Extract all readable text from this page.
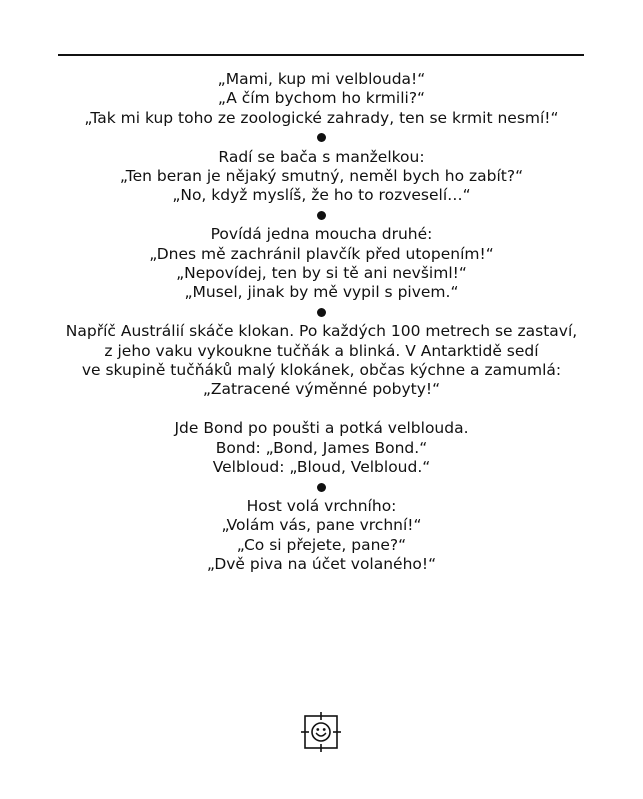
„Mami, kup mi velblouda!“
„A čím bychom ho krmili?“
„Tak mi kup toho ze zoologické zahrady, ten se krmit nesmí!“
Radí se bača s manželkou:
„Ten beran je nějaký smutný, neměl bych ho zabít?“
„No, když myslíš, že ho to rozveselí…“
Povídá jedna moucha druhé:
„Dnes mě zachránil plavčík před utopením!“
„Nepovídej, ten by si tě ani nevšiml!“
„Musel, jinak by mě vypil s pivem.“
Napříč Austrálií skáče klokan. Po každých 100 metrech se zastaví,
z jeho vaku vykoukne tučňák a blinká. V Antarktidě sedí
ve skupině tučňáků malý klokánek, občas kýchne a zamumlá:
„Zatracené výměnné pobyty!“
Jde Bond po poušti a potká velblouda.
Bond: „Bond, James Bond.“
Velbloud: „Bloud, Velbloud.“
Host volá vrchního:
„Volám vás, pane vrchní!“
„Co si přejete, pane?“
„Dvě piva na účet volaného!“
